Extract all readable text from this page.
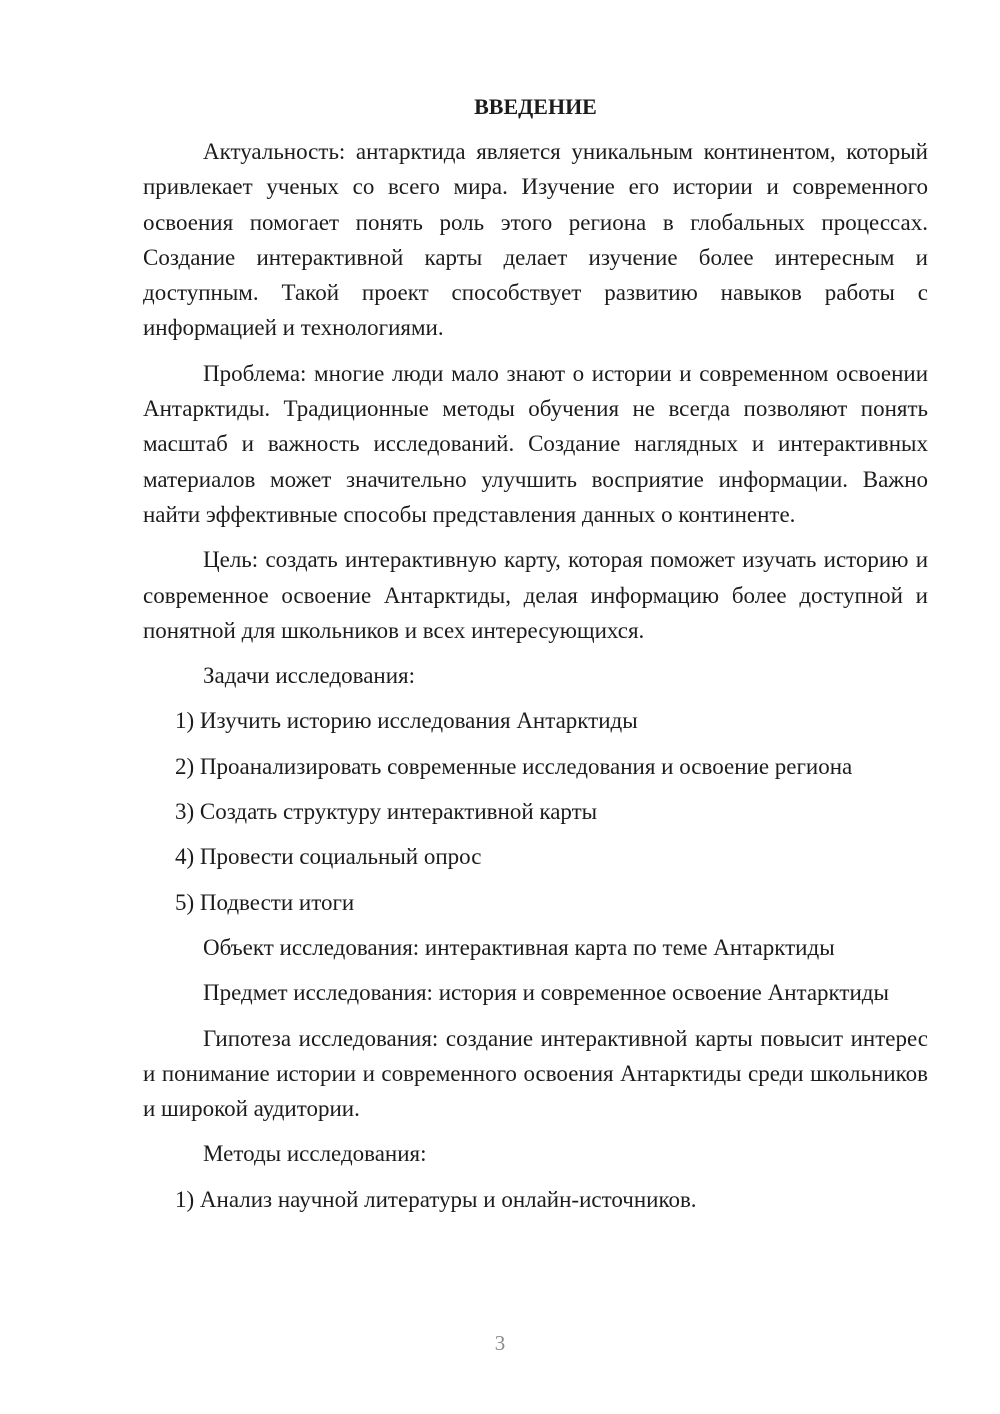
ВВЕДЕНИЕ

Актуальность: антарктида является уникальным континентом, который привлекает ученых со всего мира. Изучение его истории и современного освоения помогает понять роль этого региона в глобальных процессах. Создание интерактивной карты делает изучение более интересным и доступным. Такой проект способствует развитию навыков работы с информацией и технологиями.

Проблема: многие люди мало знают о истории и современном освоении Антарктиды. Традиционные методы обучения не всегда позволяют понять масштаб и важность исследований. Создание наглядных и интерактивных материалов может значительно улучшить восприятие информации. Важно найти эффективные способы представления данных о континенте.

Цель: создать интерактивную карту, которая поможет изучать историю и современное освоение Антарктиды, делая информацию более доступной и понятной для школьников и всех интересующихся.

Задачи исследования:

1) Изучить историю исследования Антарктиды

2) Проанализировать современные исследования и освоение региона

3) Создать структуру интерактивной карты

4) Провести социальный опрос

5) Подвести итоги

Объект исследования: интерактивная карта по теме Антарктиды

Предмет исследования: история и современное освоение Антарктиды

Гипотеза исследования: создание интерактивной карты повысит интерес и понимание истории и современного освоения Антарктиды среди школьников и широкой аудитории.

Методы исследования:

1) Анализ научной литературы и онлайн-источников.

3
